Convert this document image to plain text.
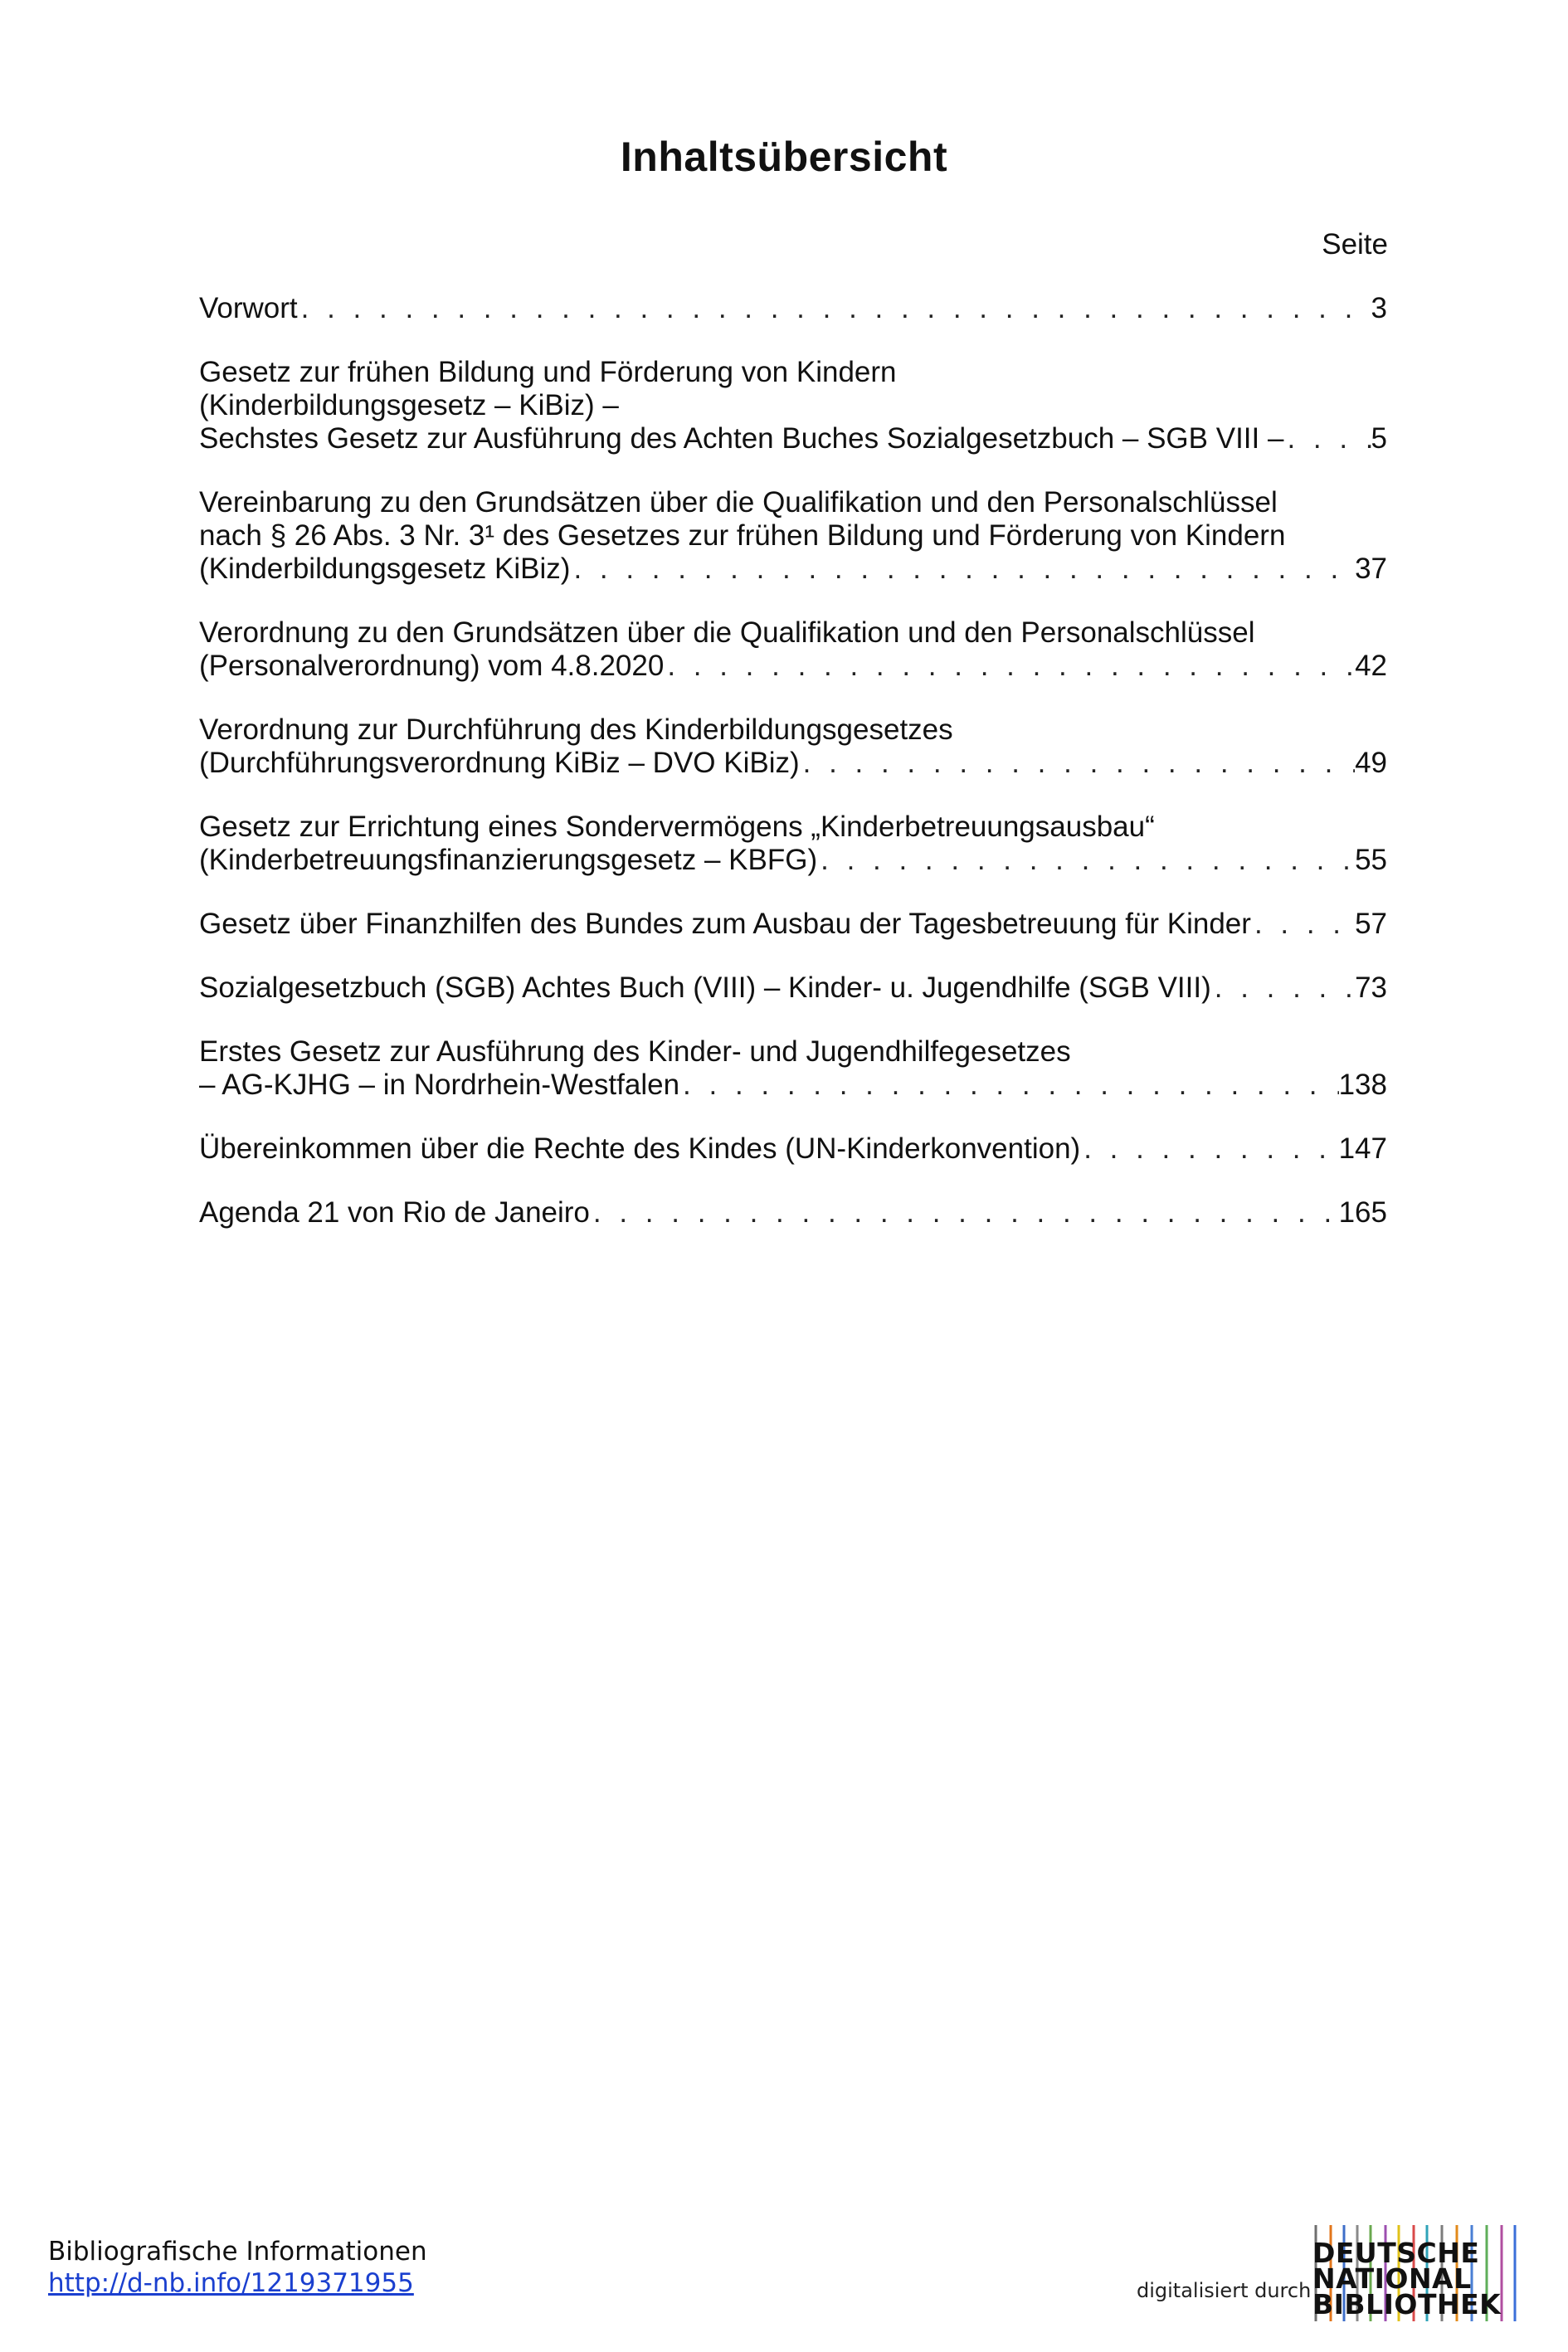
Inhaltsübersicht
Seite
Vorwort . . .	3
Gesetz zur frühen Bildung und Förderung von Kindern
(Kinderbildungsgesetz – KiBiz) –
Sechstes Gesetz zur Ausführung des Achten Buches Sozialgesetzbuch – SGB VIII – . . .	5
Vereinbarung zu den Grundsätzen über die Qualifikation und den Personalschlüssel
nach § 26 Abs. 3 Nr. 3¹ des Gesetzes zur frühen Bildung und Förderung von Kindern
(Kinderbildungsgesetz KiBiz) . . .	37
Verordnung zu den Grundsätzen über die Qualifikation und den Personalschlüssel
(Personalverordnung) vom 4.8.2020 . . .	42
Verordnung zur Durchführung des Kinderbildungsgesetzes
(Durchführungsverordnung KiBiz – DVO KiBiz) . . .	49
Gesetz zur Errichtung eines Sondervermögens „Kinderbetreuungsausbau“
(Kinderbetreuungsfinanzierungsgesetz – KBFG) . . .	55
Gesetz über Finanzhilfen des Bundes zum Ausbau der Tagesbetreuung für Kinder . . .	57
Sozialgesetzbuch (SGB) Achtes Buch (VIII) – Kinder- u. Jugendhilfe (SGB VIII) . . .	73
Erstes Gesetz zur Ausführung des Kinder- und Jugendhilfegesetzes
– AG-KJHG – in Nordrhein-Westfalen . . .	138
Übereinkommen über die Rechte des Kindes (UN-Kinderkonvention) . . .	147
Agenda 21 von Rio de Janeiro . . .	165
Bibliografische Informationen
http://d-nb.info/1219371955	digitalisiert durch
DEUTSCHE
NATIONAL
BIBLIOTHEK
